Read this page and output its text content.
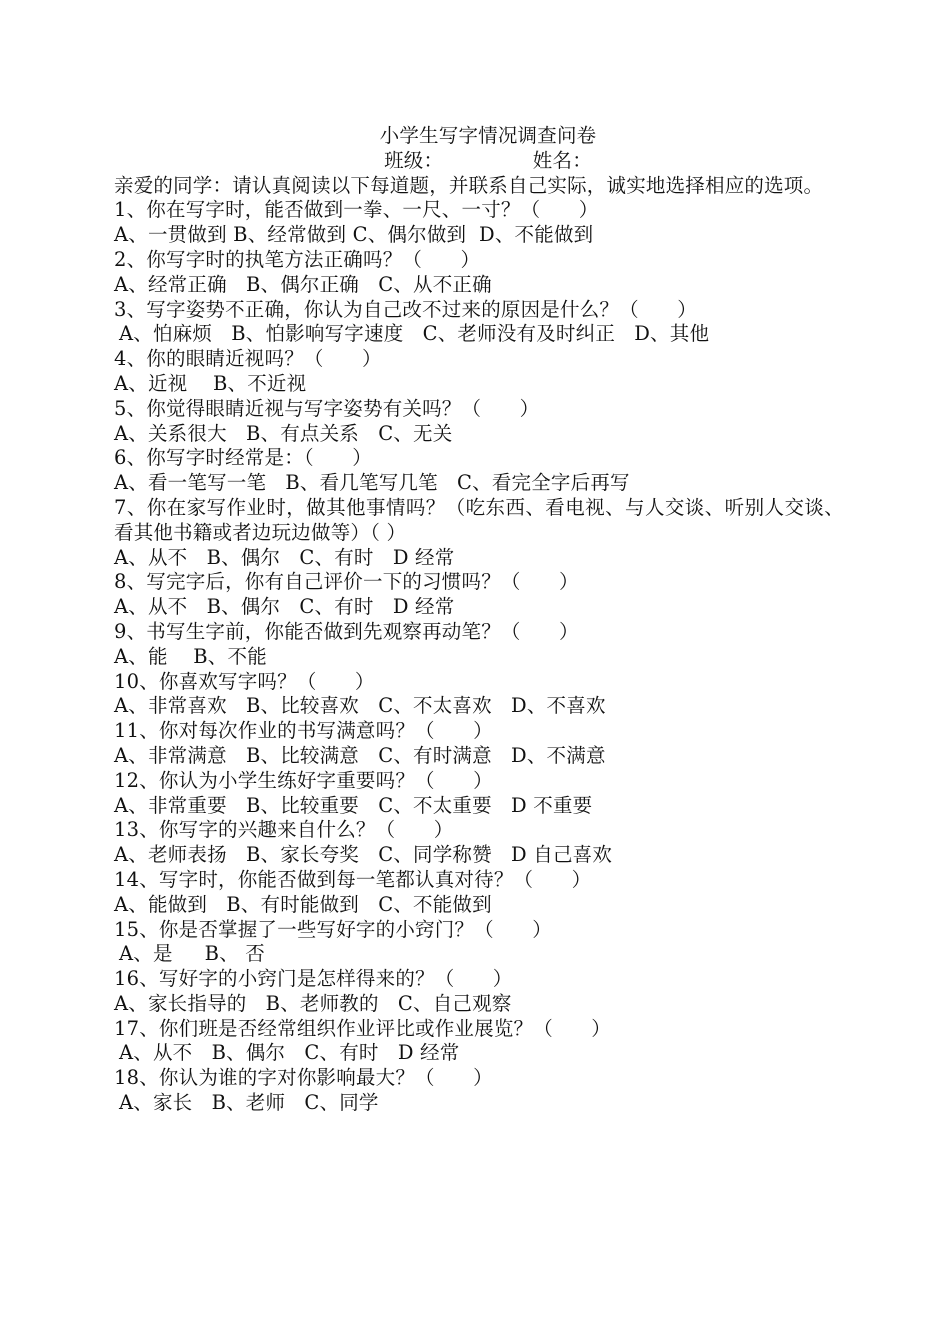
小学生写字情况调查问卷
班级：	姓名：
亲爱的同学：请认真阅读以下每道题，并联系自己实际，诚实地选择相应的选项。
1、你在写字时，能否做到一拳、一尺、一寸？（      ）
A、一贯做到 B、经常做到 C、偶尔做到  D、不能做到
2、你写字时的执笔方法正确吗？（      ）
A、经常正确   B、偶尔正确   C、从不正确
3、写字姿势不正确，你认为自己改不过来的原因是什么？（      ）
A、怕麻烦   B、怕影响写字速度   C、老师没有及时纠正   D、其他
4、你的眼睛近视吗？（      ）
A、近视    B、不近视
5、你觉得眼睛近视与写字姿势有关吗？（      ）
A、关系很大   B、有点关系   C、无关
6、你写字时经常是：（      ）
A、看一笔写一笔   B、看几笔写几笔   C、看完全字后再写
7、你在家写作业时，做其他事情吗？（吃东西、看电视、与人交谈、听别人交谈、看其他书籍或者边玩边做等）（ ）
A、从不   B、偶尔   C、有时   D 经常
8、写完字后，你有自己评价一下的习惯吗？（      ）
A、从不   B、偶尔   C、有时   D 经常
9、书写生字前，你能否做到先观察再动笔？（      ）
A、能    B、不能
10、你喜欢写字吗？（      ）
A、非常喜欢   B、比较喜欢   C、不太喜欢   D、不喜欢
11、你对每次作业的书写满意吗？（      ）
A、非常满意   B、比较满意   C、有时满意   D、不满意
12、你认为小学生练好字重要吗？（      ）
A、非常重要   B、比较重要   C、不太重要   D 不重要
13、你写字的兴趣来自什么？（      ）
A、老师表扬   B、家长夸奖   C、同学称赞   D 自己喜欢
14、写字时，你能否做到每一笔都认真对待？（      ）
A、能做到   B、有时能做到   C、不能做到
15、你是否掌握了一些写好字的小窍门？（      ）
A、是     B、 否
16、写好字的小窍门是怎样得来的？（      ）
A、家长指导的   B、老师教的   C、自己观察
17、你们班是否经常组织作业评比或作业展览？（      ）
A、从不   B、偶尔   C、有时   D 经常
18、你认为谁的字对你影响最大？（      ）
A、家长   B、老师   C、同学
